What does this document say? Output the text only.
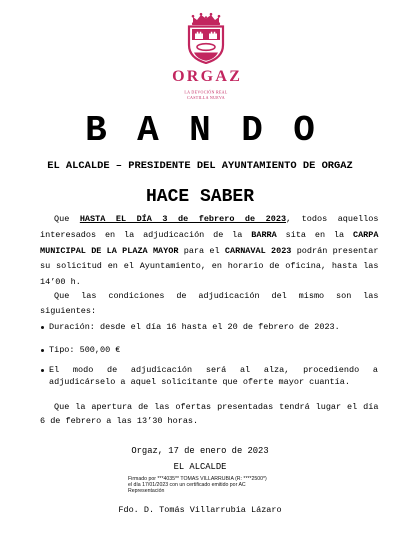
ORGAZ
LA DEVOCIÓN REAL
CASTILLA NUEVA
B A N D O
EL ALCALDE – PRESIDENTE DEL AYUNTAMIENTO DE ORGAZ
HACE SABER

Que HASTA EL DÍA 3 de febrero de 2023, todos aquellos interesados en la adjudicación de la BARRA sita en la CARPA MUNICIPAL DE LA PLAZA MAYOR para el CARNAVAL 2023 podrán presentar su solicitud en el Ayuntamiento, en horario de oficina, hasta las 14’00 h.

Que las condiciones de adjudicación del mismo son las siguientes:

Duración: desde el día 16 hasta el 20 de febrero de 2023.
Tipo: 500,00 €
El modo de adjudicación será al alza, procediendo a adjudicárselo a aquel solicitante que oferte mayor cuantía.

Que la apertura de las ofertas presentadas tendrá lugar el día 6 de febrero a las 13’30 horas.

Orgaz, 17 de enero de 2023
EL ALCALDE
Firmado por ***4035** TOMAS VILLARRUBIA (R: ****2500*)
el día 17/01/2023 con un certificado emitido por AC
Representación
Fdo. D. Tomás Villarrubia Lázaro
